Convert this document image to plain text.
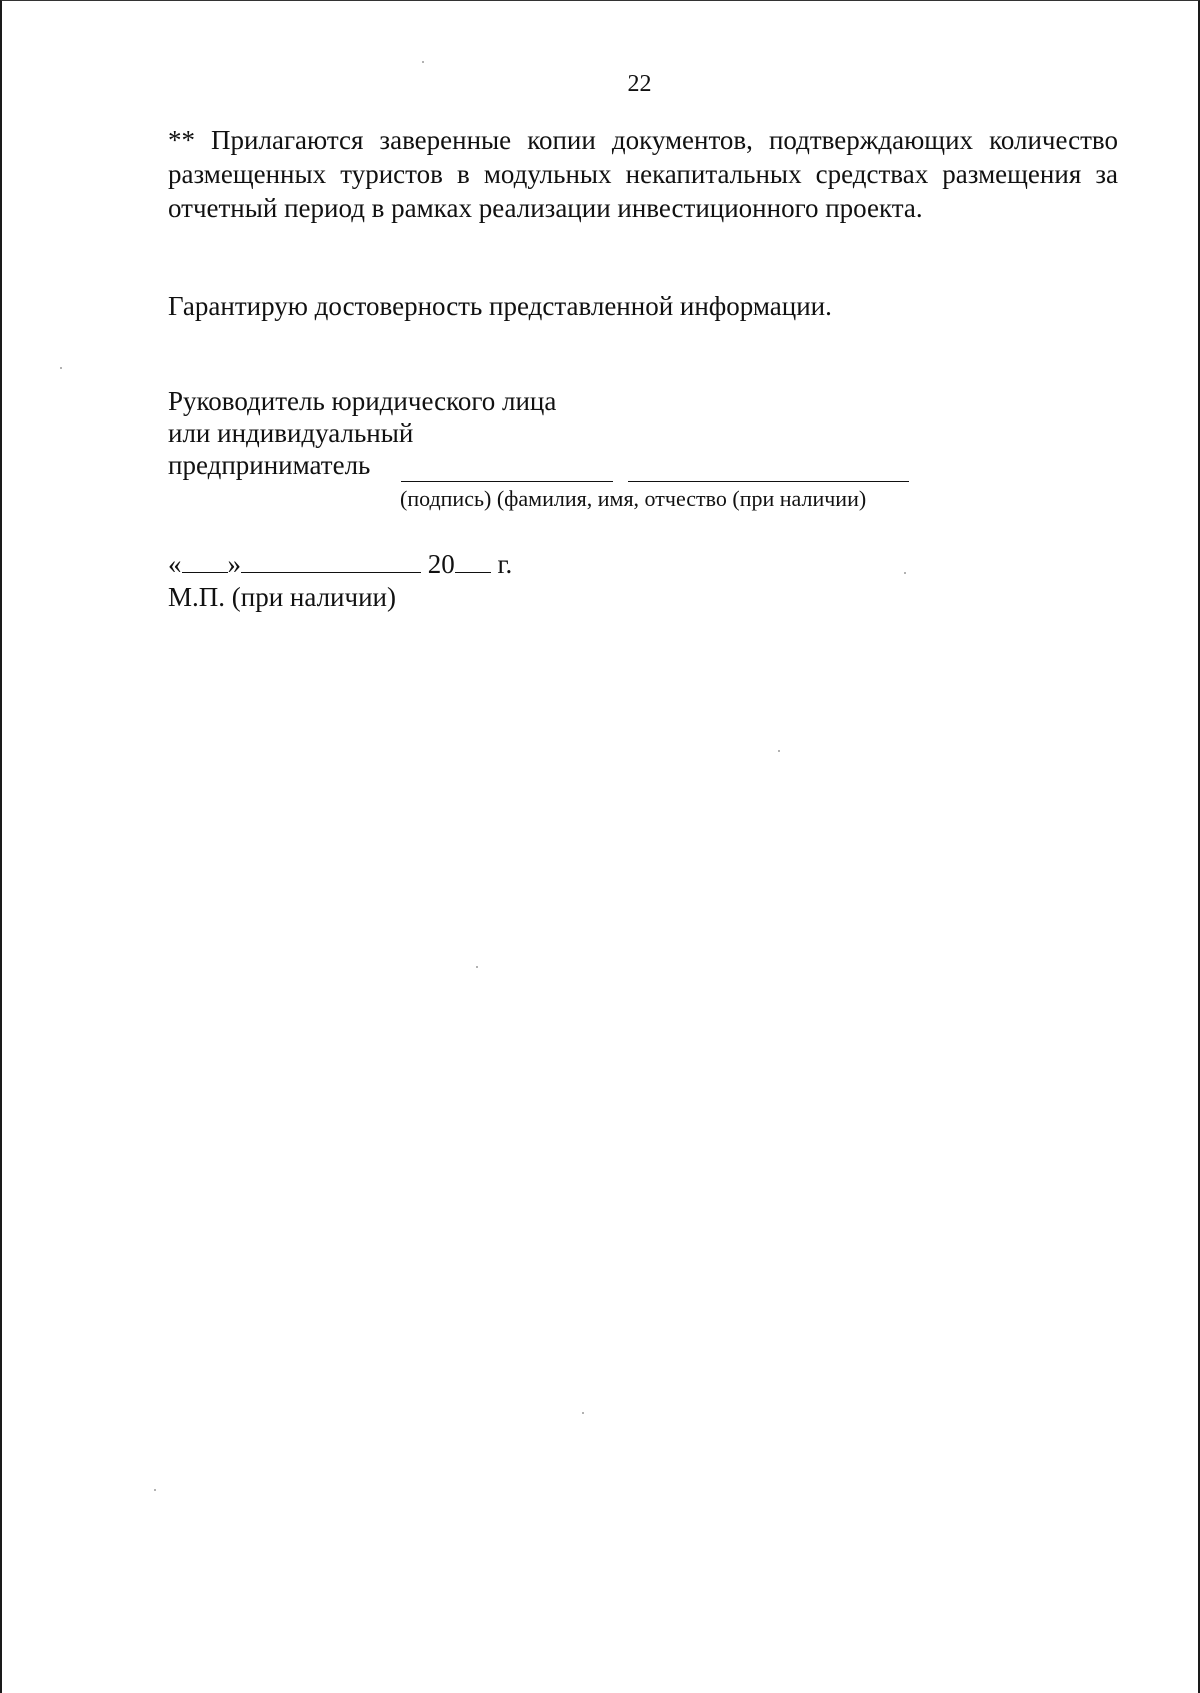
22
** Прилагаются заверенные копии документов, подтверждающих количество размещенных туристов в модульных некапитальных средствах размещения за отчетный период в рамках реализации инвестиционного проекта.
Гарантирую достоверность представленной информации.
Руководитель юридического лица
или индивидуальный
предприниматель
(подпись) (фамилия, имя, отчество (при наличии)
« »	20 г.
М.П. (при наличии)
